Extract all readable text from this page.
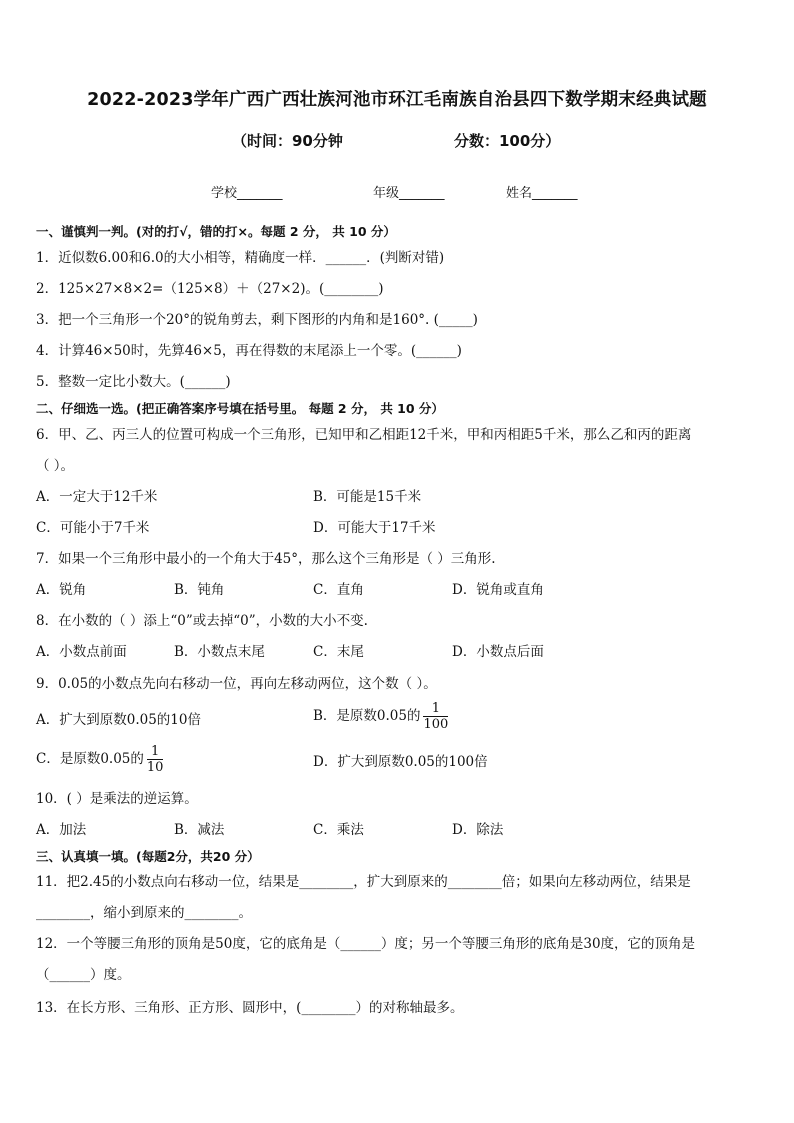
2022-2023学年广西广西壮族河池市环江毛南族自治县四下数学期末经典试题
（时间：90分钟	分数：100分）
学校_______	年级_______	姓名_______
一、谨慎判一判。(对的打√，错的打×。每题 2 分， 共 10 分）
1．近似数6.00和6.0的大小相等，精确度一样．______．(判断对错)
2．125×27×8×2=（125×8）＋（27×2)。(________)
3．把一个三角形一个20°的锐角剪去，剩下图形的内角和是160°. (_____)
4．计算46×50时，先算46×5，再在得数的末尾添上一个零。(______)
5．整数一定比小数大。(______)
二、仔细选一选。(把正确答案序号填在括号里。 每题 2 分， 共 10 分）
6．甲、乙、丙三人的位置可构成一个三角形，已知甲和乙相距12千米，甲和丙相距5千米，那么乙和丙的距离
（ ）。
A．一定大于12千米	B．可能是15千米
C．可能小于7千米	D．可能大于17千米
7．如果一个三角形中最小的一个角大于45°，那么这个三角形是（ ）三角形.
A．锐角	B．钝角	C．直角	D．锐角或直角
8．在小数的（ ）添上“0”或去掉“0”，小数的大小不变.
A．小数点前面	B．小数点末尾	C．末尾	D．小数点后面
9．0.05的小数点先向右移动一位，再向左移动两位，这个数（ ）。
A．扩大到原数0.05的10倍	B．是原数0.05的 $\frac{1}{100}$
C．是原数0.05的 $\frac{1}{10}$	D．扩大到原数0.05的100倍
10．( ）是乘法的逆运算。
A．加法	B．减法	C．乘法	D．除法
三、认真填一填。(每题2分，共20 分）
11．把2.45的小数点向右移动一位，结果是________，扩大到原来的________倍；如果向左移动两位，结果是
________，缩小到原来的________。
12．一个等腰三角形的顶角是50度，它的底角是（______）度；另一个等腰三角形的底角是30度，它的顶角是
（______）度。
13．在长方形、三角形、正方形、圆形中，(________）的对称轴最多。
